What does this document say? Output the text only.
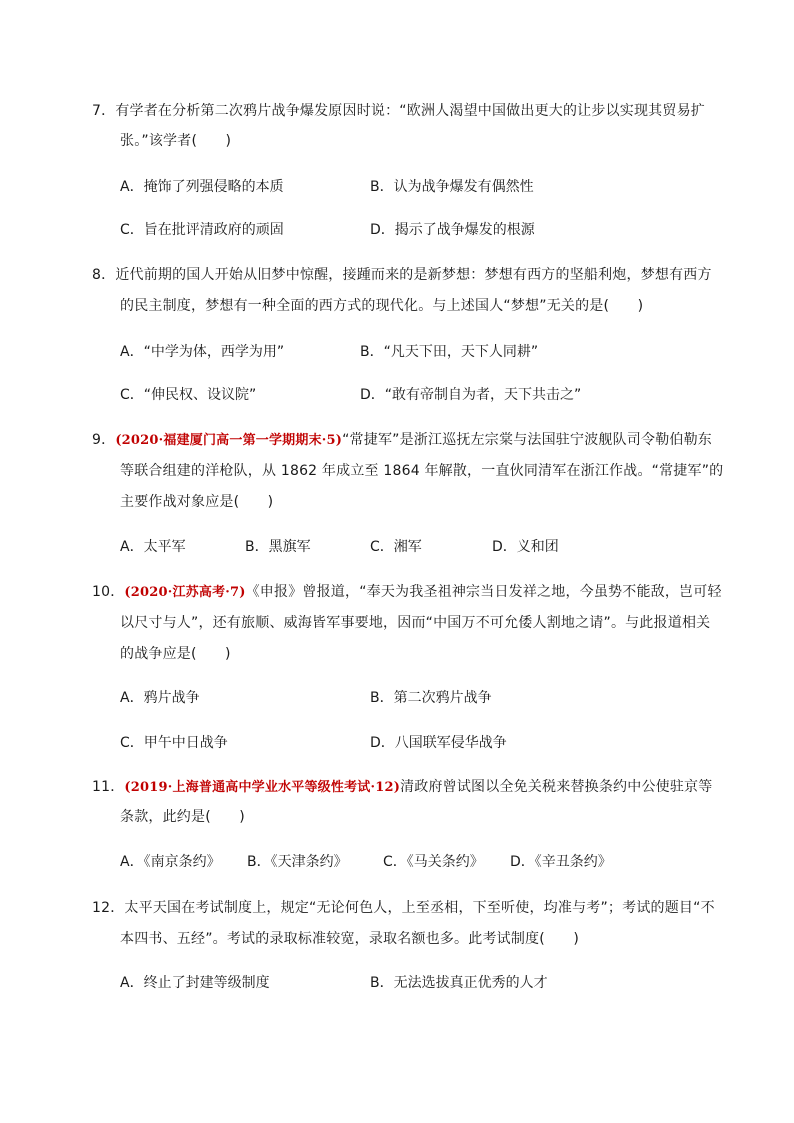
7．有学者在分析第二次鸦片战争爆发原因时说：“欧洲人渴望中国做出更大的让步以实现其贸易扩
张。”该学者(　　)
A．掩饰了列强侵略的本质	B．认为战争爆发有偶然性
C．旨在批评清政府的顽固	D．揭示了战争爆发的根源
8．近代前期的国人开始从旧梦中惊醒，接踵而来的是新梦想：梦想有西方的坚船利炮，梦想有西方
的民主制度，梦想有一种全面的西方式的现代化。与上述国人“梦想”无关的是(　　)
A．“中学为体，西学为用”	B．“凡天下田，天下人同耕”
C．“伸民权、设议院”	D．“敢有帝制自为者，天下共击之”
9．(2020·福建厦门高一第一学期期末·5)“常捷军”是浙江巡抚左宗棠与法国驻宁波舰队司令勒伯勒东
等联合组建的洋枪队，从 1862 年成立至 1864 年解散，一直伙同清军在浙江作战。“常捷军”的
主要作战对象应是(　　)
A．太平军	B．黑旗军	C．湘军	D．义和团
10．(2020·江苏高考·7)《申报》曾报道，“奉天为我圣祖神宗当日发祥之地，今虽势不能敌，岂可轻
以尺寸与人”，还有旅顺、威海皆军事要地，因而“中国万不可允倭人割地之请”。与此报道相关
的战争应是(　　)
A．鸦片战争	B．第二次鸦片战争
C．甲午中日战争	D．八国联军侵华战争
11．(2019·上海普通高中学业水平等级性考试·12)清政府曾试图以全免关税来替换条约中公使驻京等
条款，此约是(　　)
A．《南京条约》 B．《天津条约》	C．《马关条约》 D．《辛丑条约》
12．太平天国在考试制度上，规定“无论何色人，上至丞相，下至听使，均准与考”；考试的题目“不
本四书、五经”。考试的录取标准较宽，录取名额也多。此考试制度(　　)
A．终止了封建等级制度	B．无法选拔真正优秀的人才
